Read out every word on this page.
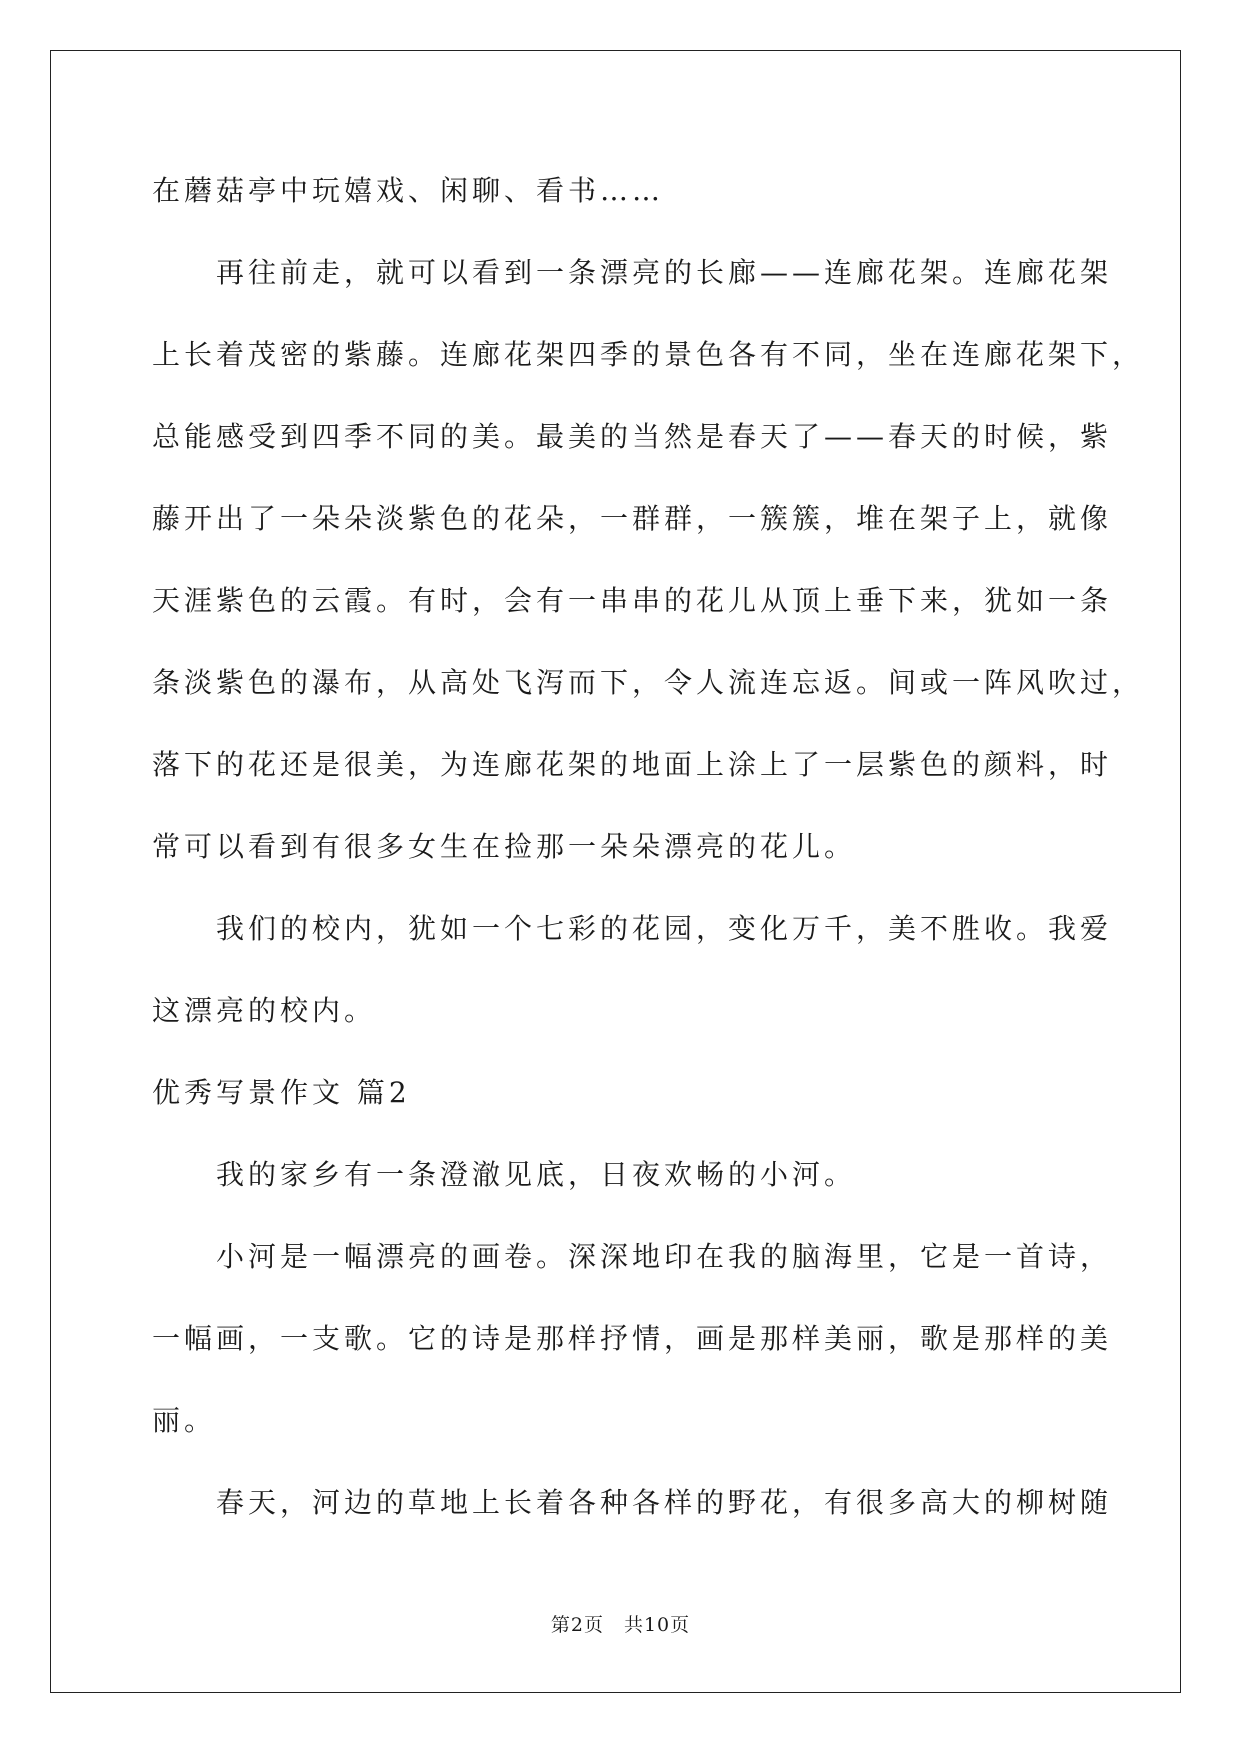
在蘑菇亭中玩嬉戏、闲聊、看书……
　　再往前走，就可以看到一条漂亮的长廊——连廊花架。连廊花架
上长着茂密的紫藤。连廊花架四季的景色各有不同，坐在连廊花架下，
总能感受到四季不同的美。最美的当然是春天了——春天的时候，紫
藤开出了一朵朵淡紫色的花朵，一群群，一簇簇，堆在架子上，就像
天涯紫色的云霞。有时，会有一串串的花儿从顶上垂下来，犹如一条
条淡紫色的瀑布，从高处飞泻而下，令人流连忘返。间或一阵风吹过，
落下的花还是很美，为连廊花架的地面上涂上了一层紫色的颜料，时
常可以看到有很多女生在捡那一朵朵漂亮的花儿。
　　我们的校内，犹如一个七彩的花园，变化万千，美不胜收。我爱
这漂亮的校内。
优秀写景作文 篇2
　　我的家乡有一条澄澈见底，日夜欢畅的小河。
　　小河是一幅漂亮的画卷。深深地印在我的脑海里，它是一首诗，
一幅画，一支歌。它的诗是那样抒情，画是那样美丽，歌是那样的美
丽。
　　春天，河边的草地上长着各种各样的野花，有很多高大的柳树随
第2页　共10页
